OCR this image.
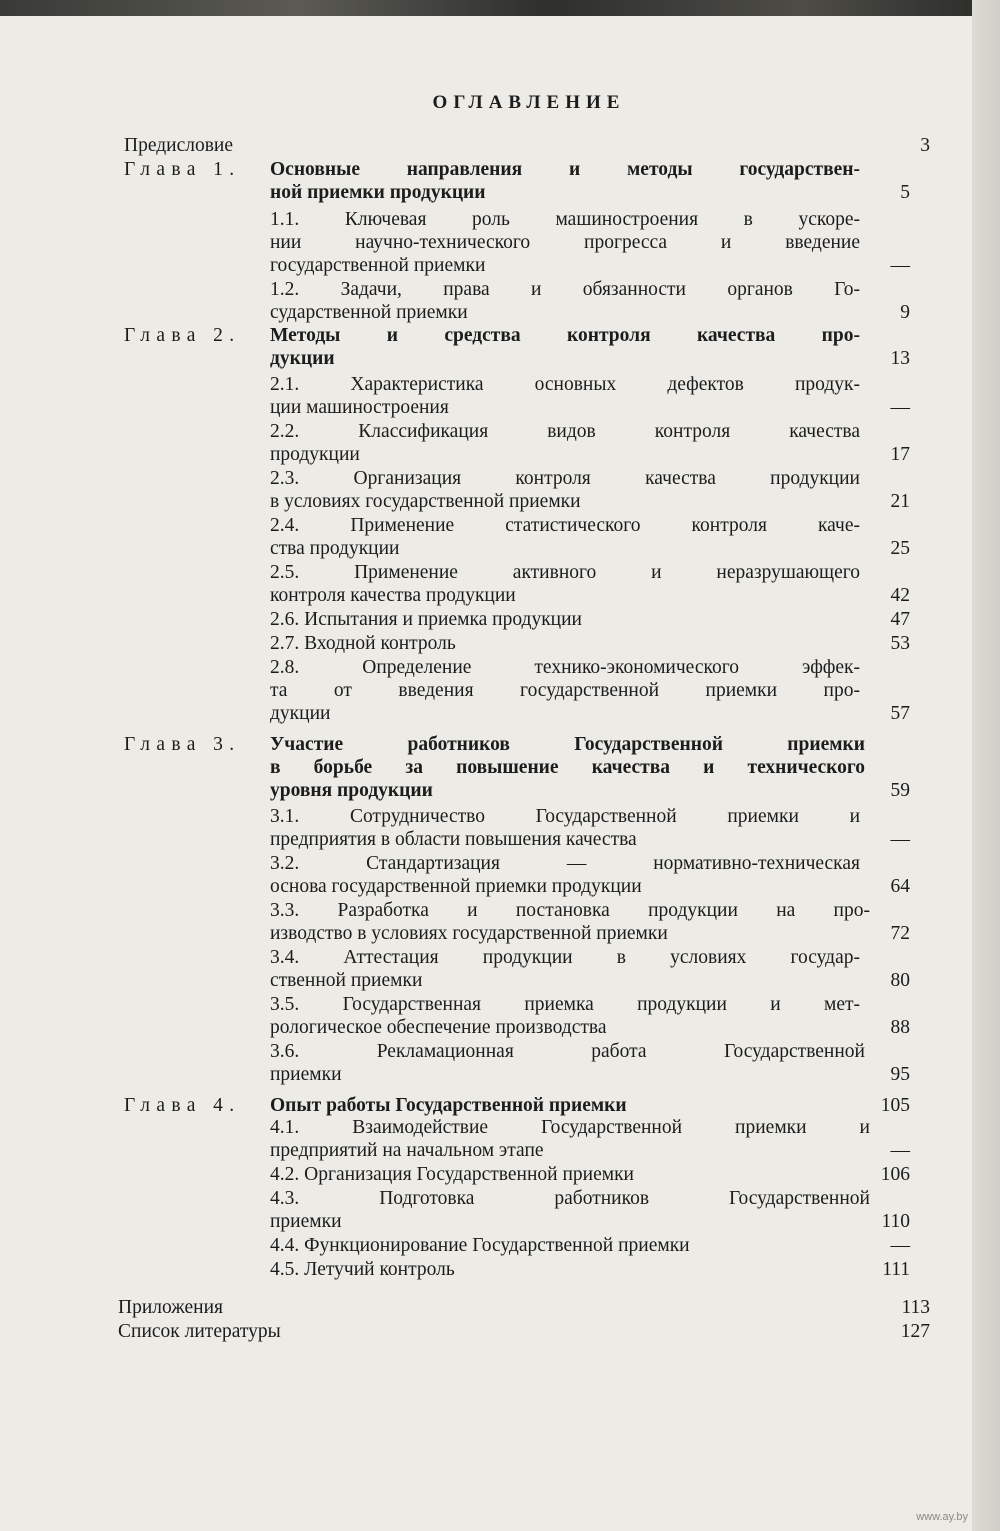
ОГЛАВЛЕНИЕ
Предисловие	3
Глава 1. Основные направления и методы государствен-
ной приемки продукции	5
1.1. Ключевая роль машиностроения в ускоре-
нии научно-технического прогресса и введение
государственной приемки	—
1.2. Задачи, права и обязанности органов Го-
сударственной приемки	9
Глава 2. Методы и средства контроля качества про-
дукции	13
2.1. Характеристика основных дефектов продук-
ции машиностроения	—
2.2. Классификация видов контроля качества
продукции	17
2.3. Организация контроля качества продукции
в условиях государственной приемки	21
2.4. Применение статистического контроля каче-
ства продукции	25
2.5. Применение активного и неразрушающего
контроля качества продукции	42
2.6. Испытания и приемка продукции	47
2.7. Входной контроль	53
2.8. Определение технико-экономического эффек-
та от введения государственной приемки про-
дукции	57
Глава 3. Участие работников Государственной приемки
в борьбе за повышение качества и технического
уровня продукции	59
3.1. Сотрудничество Государственной приемки и
предприятия в области повышения качества	—
3.2. Стандартизация — нормативно-техническая
основа государственной приемки продукции	64
3.3. Разработка и постановка продукции на про-
изводство в условиях государственной приемки	72
3.4. Аттестация продукции в условиях государ-
ственной приемки	80
3.5. Государственная приемка продукции и мет-
рологическое обеспечение производства	88
3.6. Рекламационная работа Государственной
приемки	95
Глава 4. Опыт работы Государственной приемки	105
4.1. Взаимодействие Государственной приемки и
предприятий на начальном этапе	—
4.2. Организация Государственной приемки	106
4.3. Подготовка работников Государственной
приемки	110
4.4. Функционирование Государственной приемки	—
4.5. Летучий контроль	111
Приложения	113
Список литературы	127
www.ay.by
